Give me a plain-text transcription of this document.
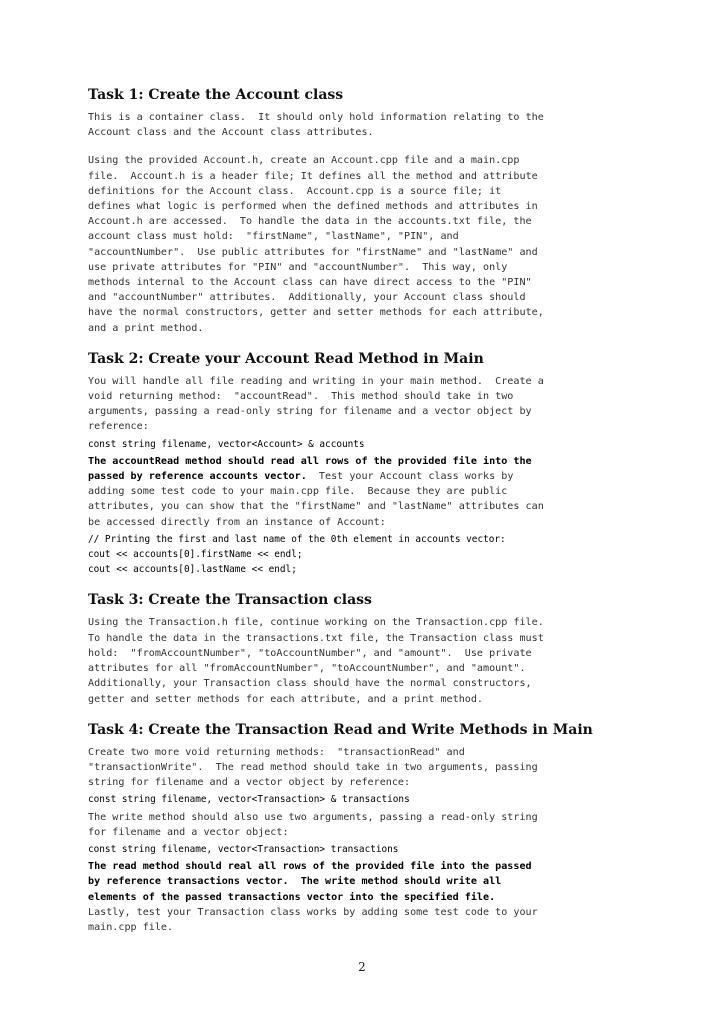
Task 1: Create the Account class
This is a container class.  It should only hold information relating to the
Account class and the Account class attributes.
Using the provided Account.h, create an Account.cpp file and a main.cpp
file.  Account.h is a header file; It defines all the method and attribute
definitions for the Account class.  Account.cpp is a source file; it
defines what logic is performed when the defined methods and attributes in
Account.h are accessed.  To handle the data in the accounts.txt file, the
account class must hold:  "firstName", "lastName", "PIN", and
"accountNumber".  Use public attributes for "firstName" and "lastName" and
use private attributes for "PIN" and "accountNumber".  This way, only
methods internal to the Account class can have direct access to the "PIN"
and "accountNumber" attributes.  Additionally, your Account class should
have the normal constructors, getter and setter methods for each attribute,
and a print method.
Task 2: Create your Account Read Method in Main
You will handle all file reading and writing in your main method.  Create a
void returning method:  "accountRead".  This method should take in two
arguments, passing a read-only string for filename and a vector object by
reference:
const string filename, vector<Account> & accounts
The accountRead method should read all rows of the provided file into the
passed by reference accounts vector.  Test your Account class works by
adding some test code to your main.cpp file.  Because they are public
attributes, you can show that the "firstName" and "lastName" attributes can
be accessed directly from an instance of Account:
// Printing the first and last name of the 0th element in accounts vector:
cout << accounts[0].firstName << endl;
cout << accounts[0].lastName << endl;
Task 3: Create the Transaction class
Using the Transaction.h file, continue working on the Transaction.cpp file.
To handle the data in the transactions.txt file, the Transaction class must
hold:  "fromAccountNumber", "toAccountNumber", and "amount".  Use private
attributes for all "fromAccountNumber", "toAccountNumber", and "amount".
Additionally, your Transaction class should have the normal constructors,
getter and setter methods for each attribute, and a print method.
Task 4: Create the Transaction Read and Write Methods in Main
Create two more void returning methods:  "transactionRead" and
"transactionWrite".  The read method should take in two arguments, passing
string for filename and a vector object by reference:
const string filename, vector<Transaction> & transactions
The write method should also use two arguments, passing a read-only string
for filename and a vector object:
const string filename, vector<Transaction> transactions
The read method should real all rows of the provided file into the passed
by reference transactions vector.  The write method should write all
elements of the passed transactions vector into the specified file.
Lastly, test your Transaction class works by adding some test code to your
main.cpp file.
2
